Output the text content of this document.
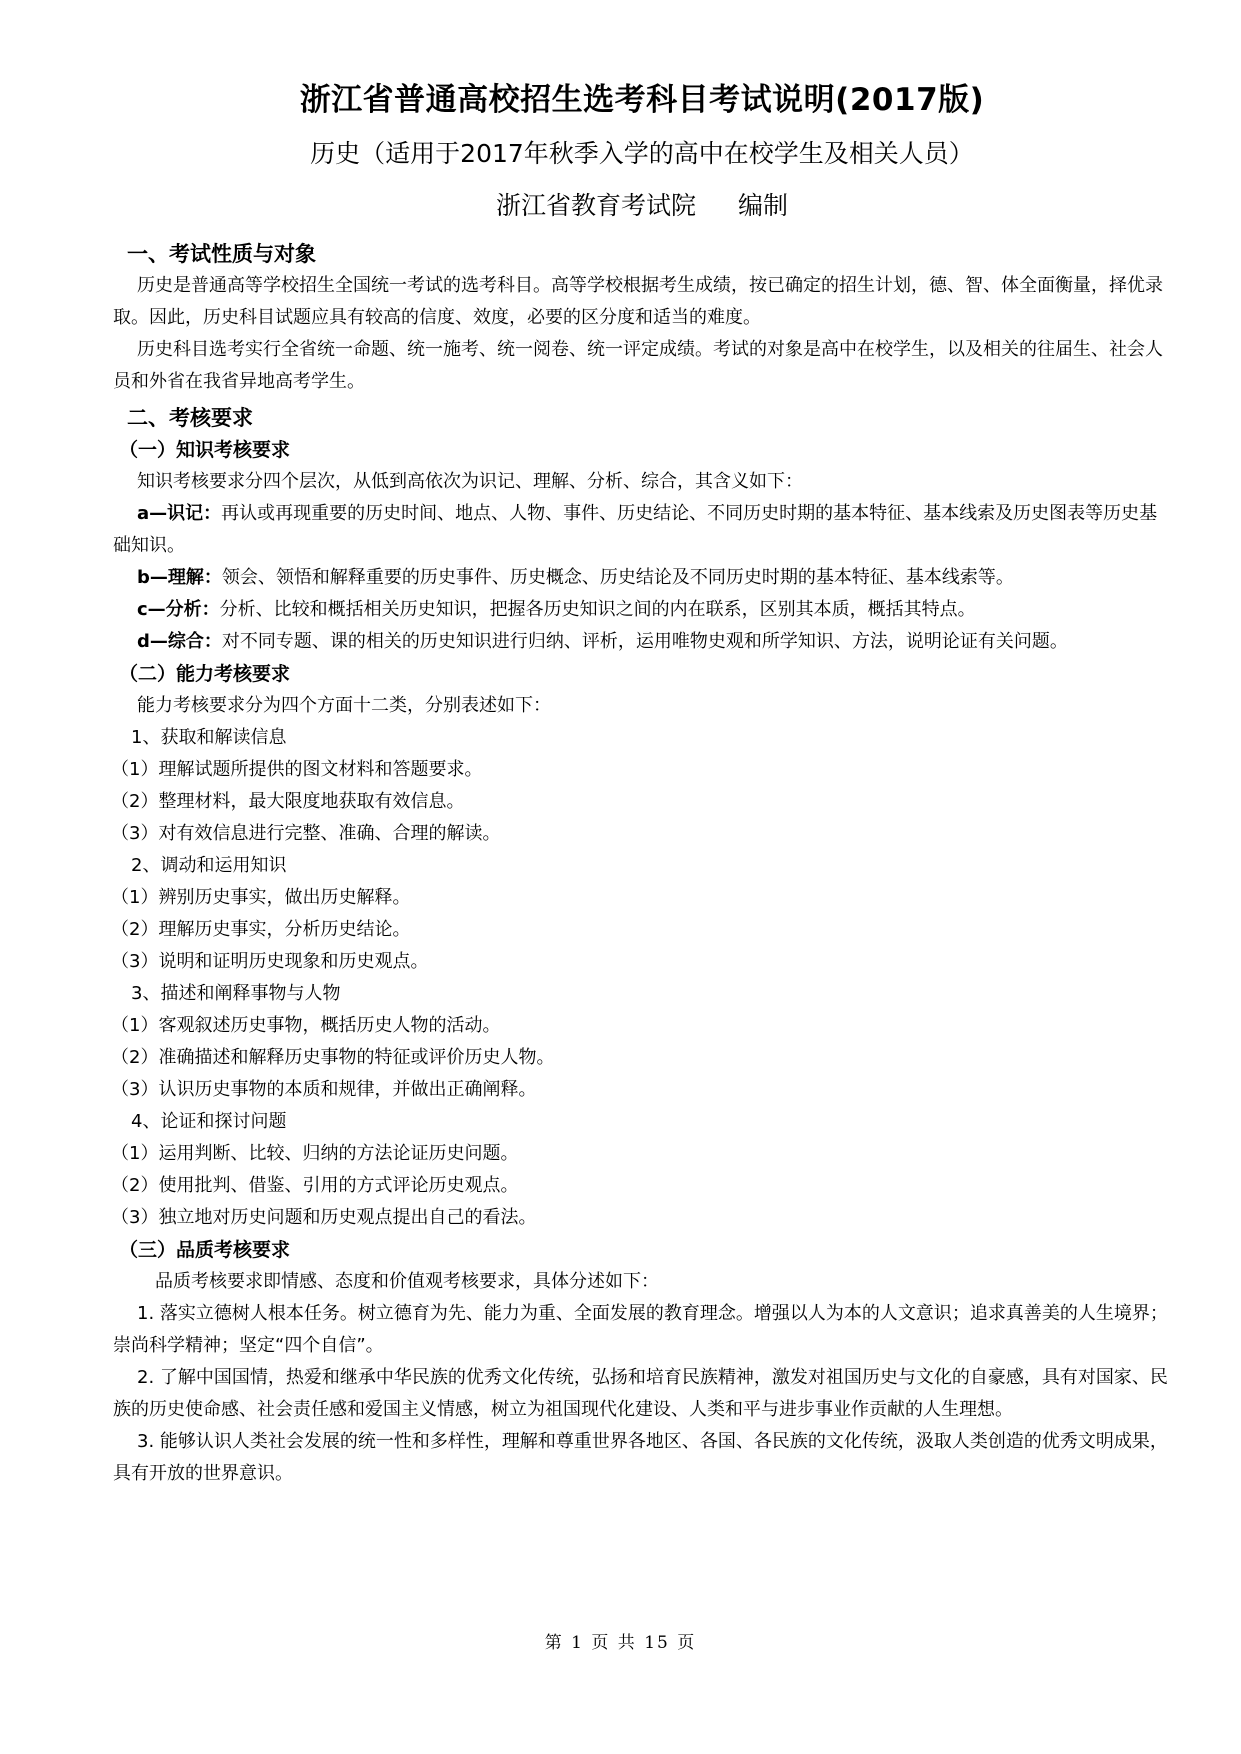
浙江省普通高校招生选考科目考试说明(2017版)
历史（适用于2017年秋季入学的高中在校学生及相关人员）
浙江省教育考试院 编制
一、考试性质与对象

　历史是普通高等学校招生全国统一考试的选考科目。高等学校根据考生成绩，按已确定的招生计划，德、智、体全面衡量，择优录取。因此，历史科目试题应具有较高的信度、效度，必要的区分度和适当的难度。

　历史科目选考实行全省统一命题、统一施考、统一阅卷、统一评定成绩。考试的对象是高中在校学生，以及相关的往届生、社会人员和外省在我省异地高考学生。

二、考核要求
（一）知识考核要求

　知识考核要求分四个层次，从低到高依次为识记、理解、分析、综合，其含义如下：

　a—识记：再认或再现重要的历史时间、地点、人物、事件、历史结论、不同历史时期的基本特征、基本线索及历史图表等历史基础知识。

　b—理解：领会、领悟和解释重要的历史事件、历史概念、历史结论及不同历史时期的基本特征、基本线索等。

　c—分析：分析、比较和概括相关历史知识，把握各历史知识之间的内在联系，区别其本质，概括其特点。

　d—综合：对不同专题、课的相关的历史知识进行归纳、评析，运用唯物史观和所学知识、方法，说明论证有关问题。

（二）能力考核要求

　能力考核要求分为四个方面十二类，分别表述如下：

　1、获取和解读信息

（1）理解试题所提供的图文材料和答题要求。

（2）整理材料，最大限度地获取有效信息。

（3）对有效信息进行完整、准确、合理的解读。

　2、调动和运用知识

（1）辨别历史事实，做出历史解释。

（2）理解历史事实，分析历史结论。

（3）说明和证明历史现象和历史观点。

　3、描述和阐释事物与人物

（1）客观叙述历史事物，概括历史人物的活动。

（2）准确描述和解释历史事物的特征或评价历史人物。

（3）认识历史事物的本质和规律，并做出正确阐释。

　4、论证和探讨问题

（1）运用判断、比较、归纳的方法论证历史问题。

（2）使用批判、借鉴、引用的方式评论历史观点。

（3）独立地对历史问题和历史观点提出自己的看法。

（三）品质考核要求

　　品质考核要求即情感、态度和价值观考核要求，具体分述如下：

　1. 落实立德树人根本任务。树立德育为先、能力为重、全面发展的教育理念。增强以人为本的人文意识；追求真善美的人生境界；崇尚科学精神；坚定“四个自信”。

　2. 了解中国国情，热爱和继承中华民族的优秀文化传统，弘扬和培育民族精神，激发对祖国历史与文化的自豪感，具有对国家、民族的历史使命感、社会责任感和爱国主义情感，树立为祖国现代化建设、人类和平与进步事业作贡献的人生理想。

　3. 能够认识人类社会发展的统一性和多样性，理解和尊重世界各地区、各国、各民族的文化传统，汲取人类创造的优秀文明成果，具有开放的世界意识。

第 1 页 共 15 页
